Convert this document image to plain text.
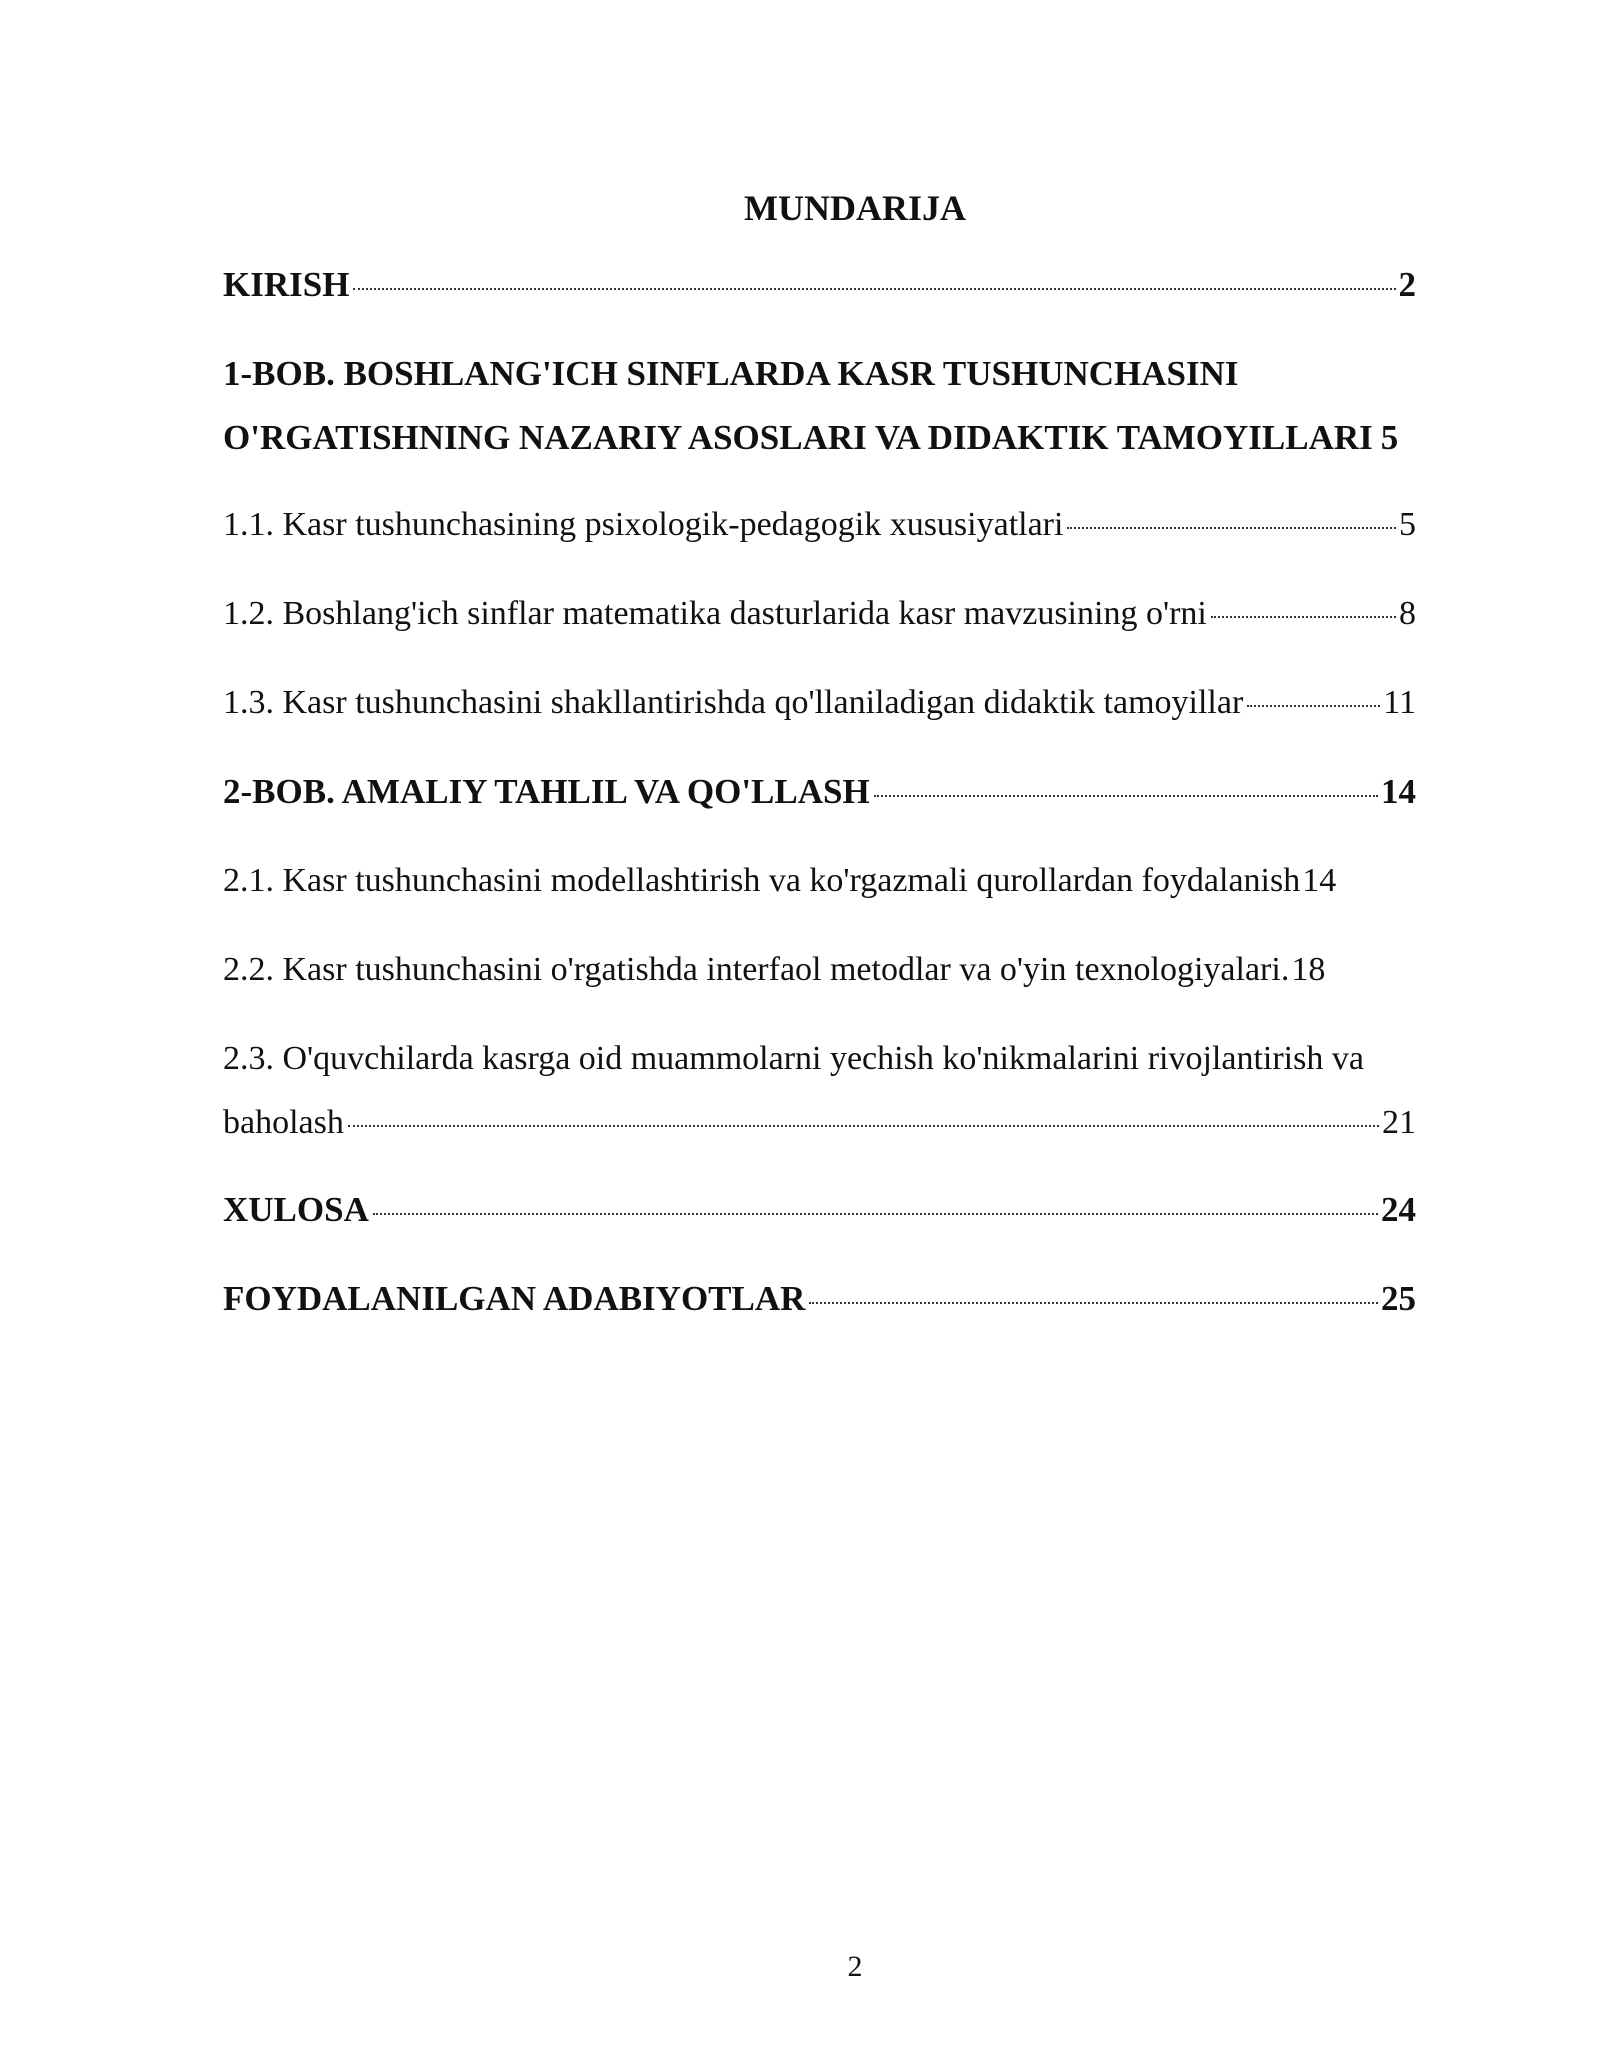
MUNDARIJA
KIRISH	2
1-BOB. BOSHLANG'ICH SINFLARDA KASR TUSHUNCHASINI
O'RGATISHNING NAZARIY ASOSLARI VA DIDAKTIK TAMOYILLARI 5
1.1. Kasr tushunchasining psixologik-pedagogik xususiyatlari	5
1.2. Boshlang'ich sinflar matematika dasturlarida kasr mavzusining o'rni	8
1.3. Kasr tushunchasini shakllantirishda qo'llaniladigan didaktik tamoyillar	11
2-BOB. AMALIY TAHLIL VA QO'LLASH	14
2.1. Kasr tushunchasini modellashtirish va ko'rgazmali qurollardan foydalanish 14
2.2. Kasr tushunchasini o'rgatishda interfaol metodlar va o'yin texnologiyalari. 18
2.3. O'quvchilarda kasrga oid muammolarni yechish ko'nikmalarini rivojlantirish va
baholash	21
XULOSA	24
FOYDALANILGAN ADABIYOTLAR	25
2
